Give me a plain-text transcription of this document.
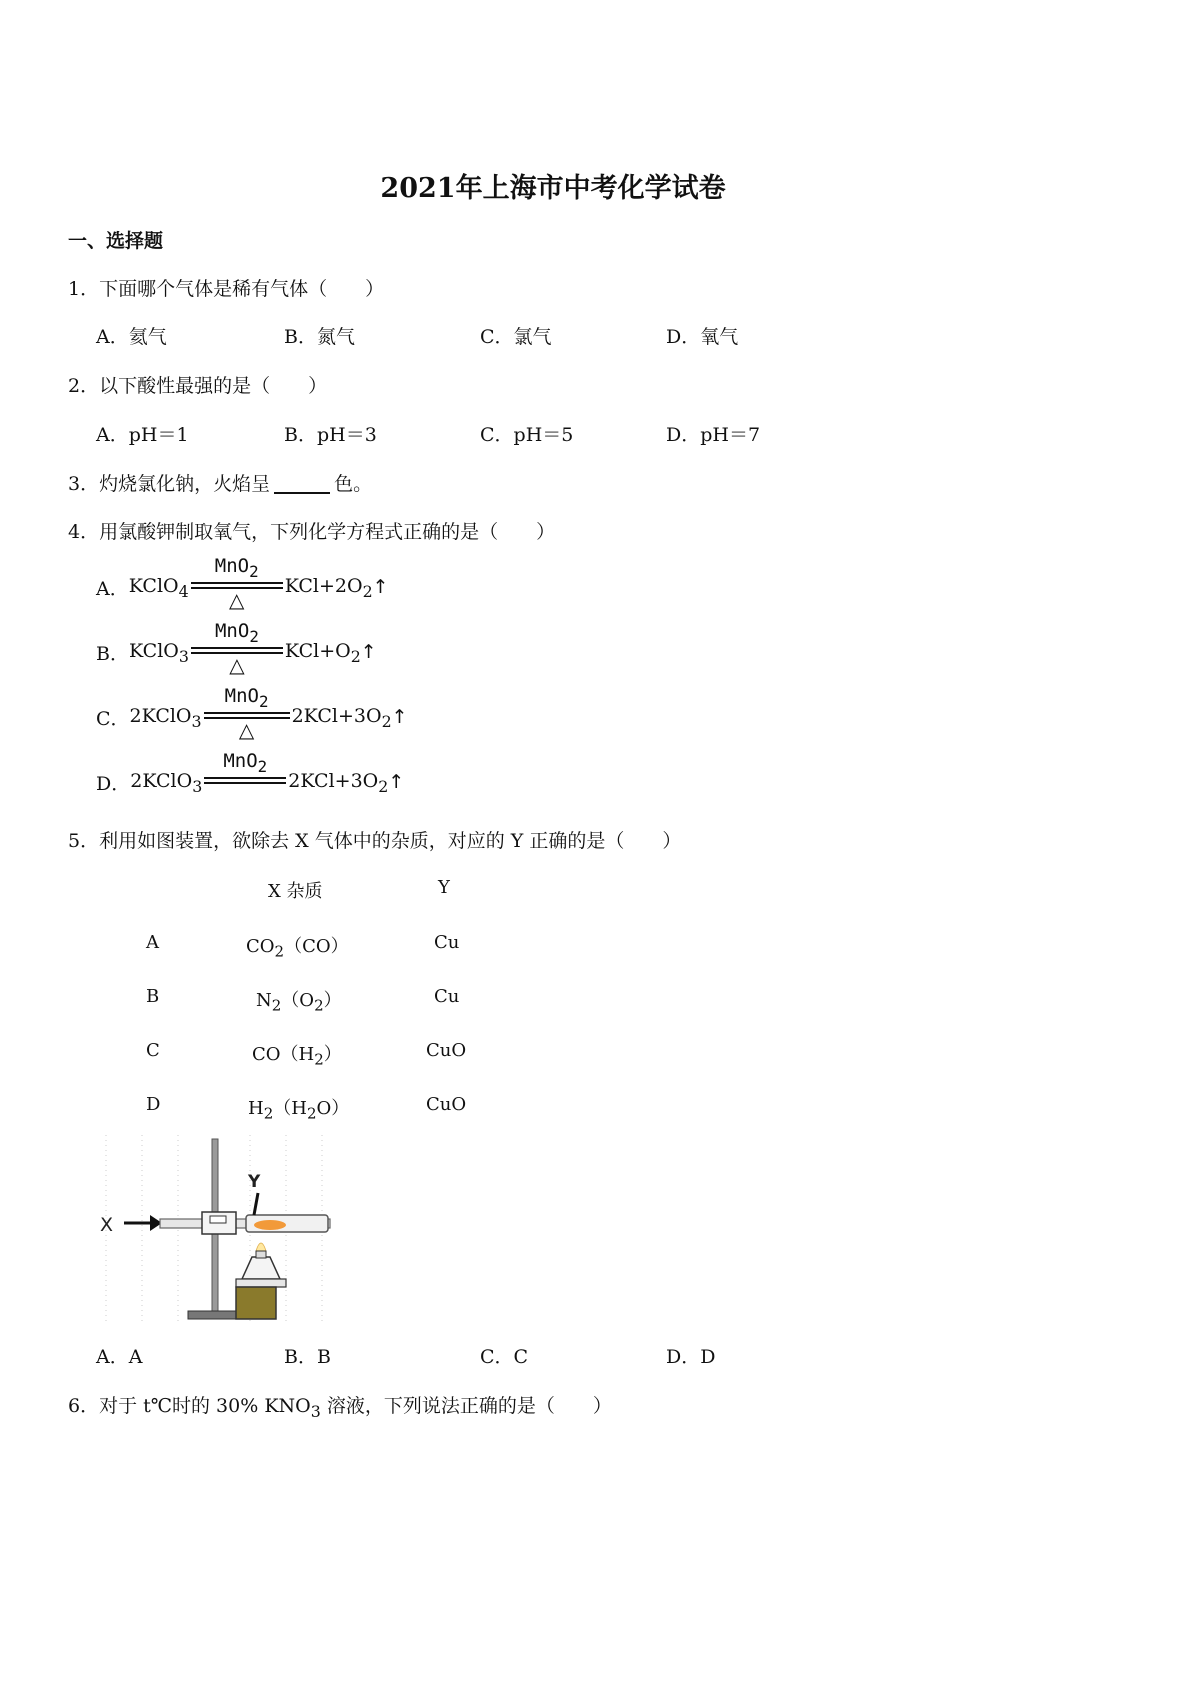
2021年上海市中考化学试卷
一、选择题
1．下面哪个气体是稀有气体（　　）
A．氦气	B．氮气	C．氯气	D．氧气
2．以下酸性最强的是（　　）
A．pH＝1	B．pH＝3	C．pH＝5	D．pH＝7
3．灼烧氯化钠，火焰呈	色。
4．用氯酸钾制取氧气，下列化学方程式正确的是（　　）
A． KClO$_4$
MnO$_2$
△
$KCl+2O_2$ ↑
B． KClO$_3$
MnO$_2$
△
$KCl+O_2$ ↑
C． 2KClO$_3$
MnO$_2$
△
$2KCl+3O_2$ ↑
D． 2KClO$_3$
MnO$_2$
$2KCl+3O_2$ ↑
5．利用如图装置，欲除去 X 气体中的杂质，对应的 Y 正确的是（　　）
X 杂质	Y
A	$CO_2(CO)$	Cu
B	$N_2(O_2)$	Cu
C	$CO(H_2)$	CuO
D	$H_2(H_2O)$	CuO
X
Y
A．A	B．B	C．C	D．D
6．对于 t℃时的 30% $KNO_3$ 溶液，下列说法正确的是（　　）
